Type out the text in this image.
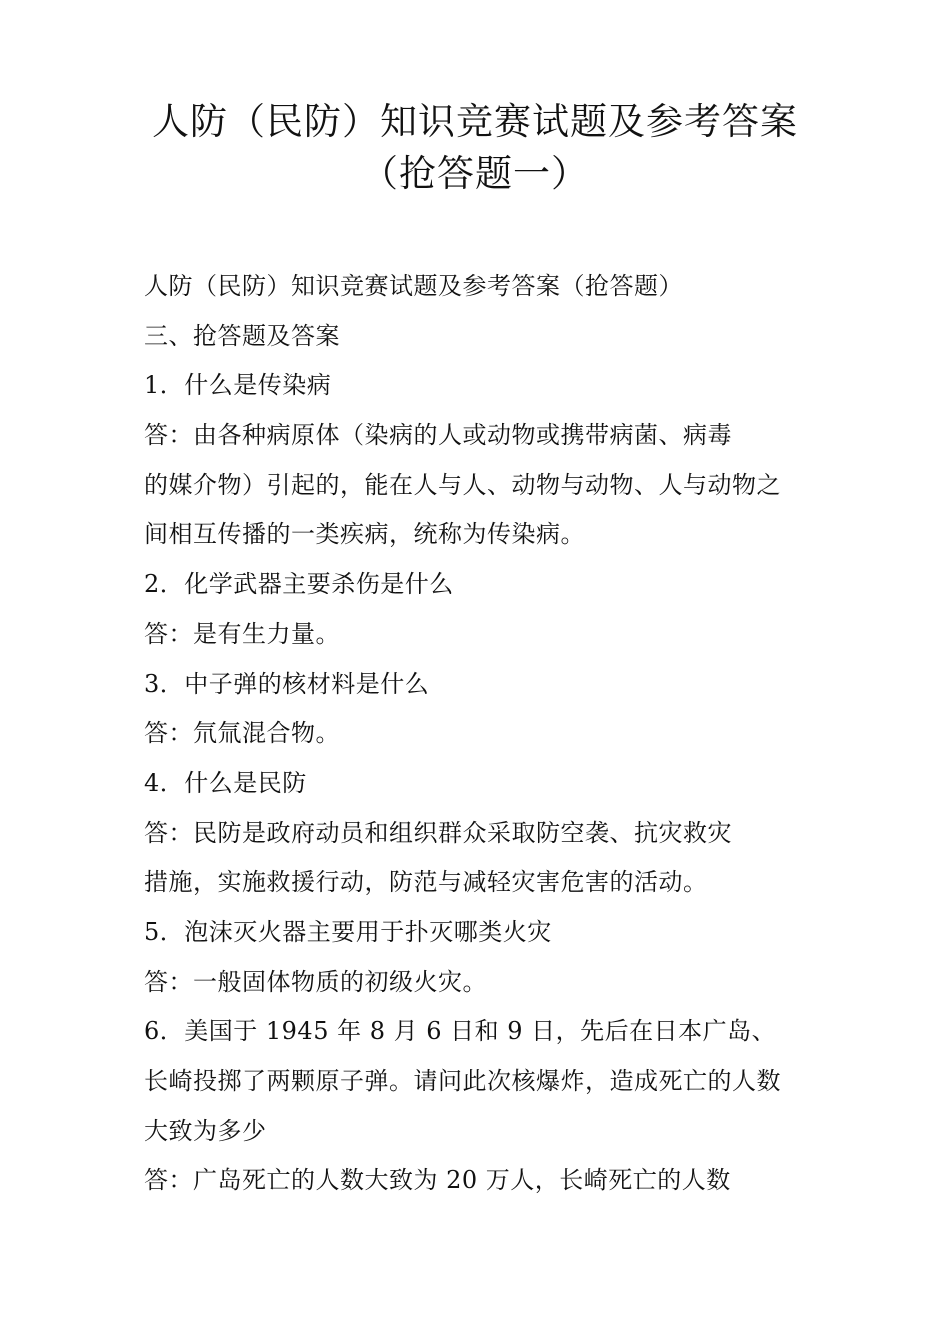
人防（民防）知识竞赛试题及参考答案
（抢答题一）
人防（民防）知识竞赛试题及参考答案（抢答题）
三、抢答题及答案
1．什么是传染病
答：由各种病原体（染病的人或动物或携带病菌、病毒
的媒介物）引起的，能在人与人、动物与动物、人与动物之
间相互传播的一类疾病，统称为传染病。
2．化学武器主要杀伤是什么
答：是有生力量。
3．中子弹的核材料是什么
答：氘氚混合物。
4．什么是民防
答：民防是政府动员和组织群众采取防空袭、抗灾救灾
措施，实施救援行动，防范与减轻灾害危害的活动。
5．泡沫灭火器主要用于扑灭哪类火灾
答：一般固体物质的初级火灾。
6．美国于 1945 年 8 月 6 日和 9 日，先后在日本广岛、
长崎投掷了两颗原子弹。请问此次核爆炸，造成死亡的人数
大致为多少
答：广岛死亡的人数大致为 20 万人，长崎死亡的人数
